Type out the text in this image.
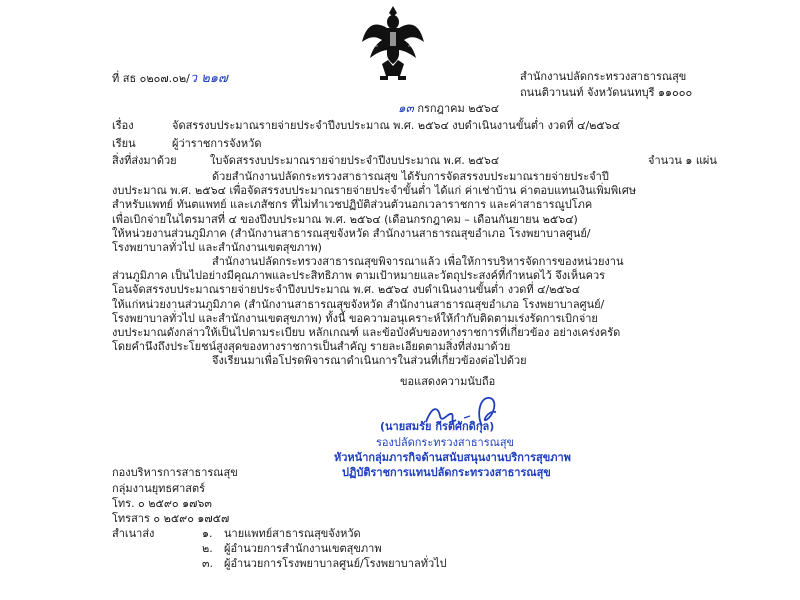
ที่ สธ ๐๒๐๗.๐๒/ว ๒๑๗	สำนักงานปลัดกระทรวงสาธารณสุข
ถนนติวานนท์ จังหวัดนนทบุรี ๑๑๐๐๐
๑๓ กรกฎาคม ๒๕๖๔
เรื่อง	จัดสรรงบประมาณรายจ่ายประจำปีงบประมาณ พ.ศ. ๒๕๖๔ งบดำเนินงานขั้นต่ำ งวดที่ ๔/๒๕๖๔
เรียน	ผู้ว่าราชการจังหวัด
สิ่งที่ส่งมาด้วย	ใบจัดสรรงบประมาณรายจ่ายประจำปีงบประมาณ พ.ศ. ๒๕๖๔	จำนวน ๑ แผ่น
ด้วยสำนักงานปลัดกระทรวงสาธารณสุข ได้รับการจัดสรรงบประมาณรายจ่ายประจำปี
งบประมาณ พ.ศ. ๒๕๖๔ เพื่อจัดสรรงบประมาณรายจ่ายประจำขั้นต่ำ ได้แก่ ค่าเช่าบ้าน ค่าตอบแทนเงินเพิ่มพิเศษ
สำหรับแพทย์ ทันตแพทย์ และเภสัชกร ที่ไม่ทำเวชปฏิบัติส่วนตัวนอกเวลาราชการ และค่าสาธารณูปโภค
เพื่อเบิกจ่ายในไตรมาสที่ ๔ ของปีงบประมาณ พ.ศ. ๒๕๖๔ (เดือนกรกฎาคม – เดือนกันยายน ๒๕๖๔)
ให้หน่วยงานส่วนภูมิภาค (สำนักงานสาธารณสุขจังหวัด สำนักงานสาธารณสุขอำเภอ โรงพยาบาลศูนย์/
โรงพยาบาลทั่วไป และสำนักงานเขตสุขภาพ)
สำนักงานปลัดกระทรวงสาธารณสุขพิจารณาแล้ว เพื่อให้การบริหารจัดการของหน่วยงาน
ส่วนภูมิภาค เป็นไปอย่างมีคุณภาพและประสิทธิภาพ ตามเป้าหมายและวัตถุประสงค์ที่กำหนดไว้ จึงเห็นควร
โอนจัดสรรงบประมาณรายจ่ายประจำปีงบประมาณ พ.ศ. ๒๕๖๔ งบดำเนินงานขั้นต่ำ งวดที่ ๔/๒๕๖๔
ให้แก่หน่วยงานส่วนภูมิภาค (สำนักงานสาธารณสุขจังหวัด สำนักงานสาธารณสุขอำเภอ โรงพยาบาลศูนย์/
โรงพยาบาลทั่วไป และสำนักงานเขตสุขภาพ) ทั้งนี้ ขอความอนุเคราะห์ให้กำกับติดตามเร่งรัดการเบิกจ่าย
งบประมาณดังกล่าวให้เป็นไปตามระเบียบ หลักเกณฑ์ และข้อบังคับของทางราชการที่เกี่ยวข้อง อย่างเคร่งครัด
โดยคำนึงถึงประโยชน์สูงสุดของทางราชการเป็นสำคัญ รายละเอียดตามสิ่งที่ส่งมาด้วย
จึงเรียนมาเพื่อโปรดพิจารณาดำเนินการในส่วนที่เกี่ยวข้องต่อไปด้วย
ขอแสดงความนับถือ
(นายสมรัย กีรติศักดิกุล)
รองปลัดกระทรวงสาธารณสุข
หัวหน้ากลุ่มภารกิจด้านสนับสนุนงานบริการสุขภาพ
ปฏิบัติราชการแทนปลัดกระทรวงสาธารณสุข
กองบริหารการสาธารณสุข
กลุ่มงานยุทธศาสตร์
โทร. ๐ ๒๕๙๐ ๑๗๖๓
โทรสาร ๐ ๒๕๙๐ ๑๗๕๗
สำเนาส่ง	๑. นายแพทย์สาธารณสุขจังหวัด
๒. ผู้อำนวยการสำนักงานเขตสุขภาพ
๓. ผู้อำนวยการโรงพยาบาลศูนย์/โรงพยาบาลทั่วไป
